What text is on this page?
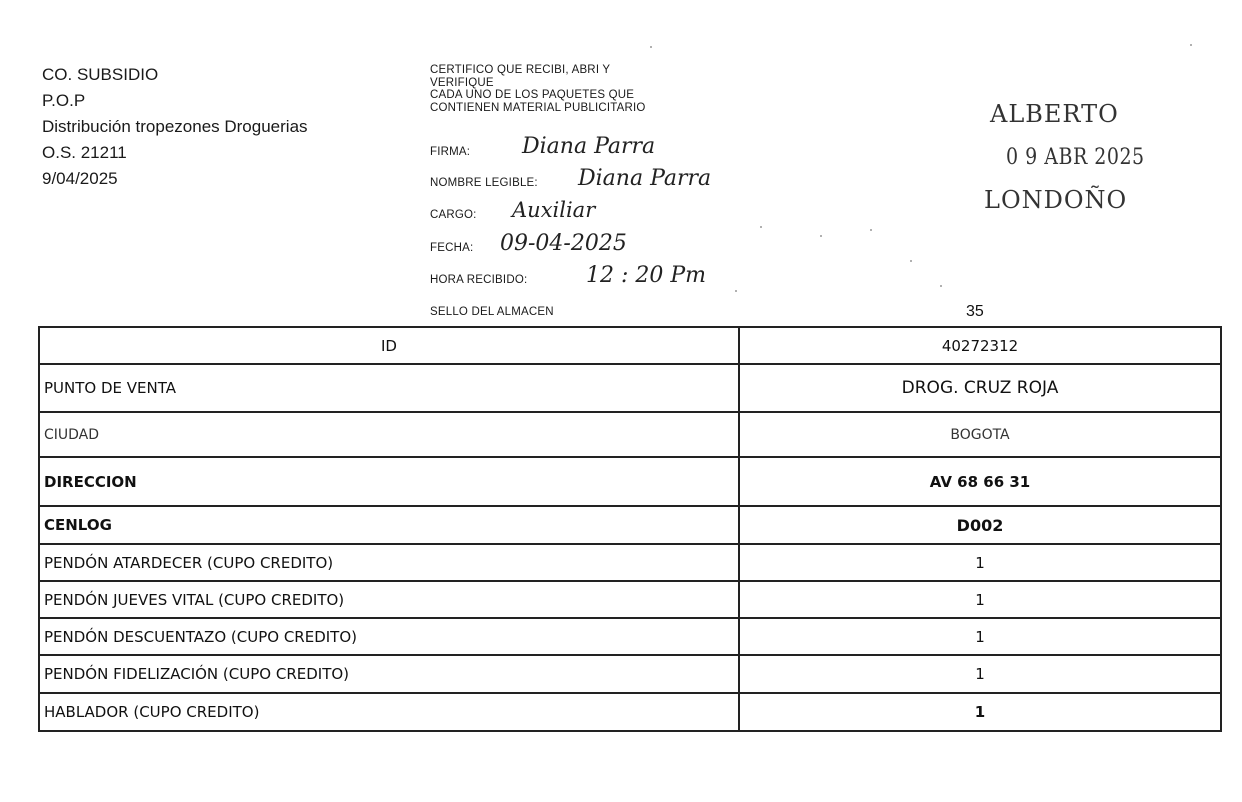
CO. SUBSIDIO
P.O.P
Distribución tropezones Droguerias
O.S. 21211
9/04/2025
CERTIFICO QUE RECIBI, ABRI Y
VERIFIQUE
CADA UNO DE LOS PAQUETES QUE
CONTIENEN MATERIAL PUBLICITARIO
FIRMA: Diana Parra
NOMBRE LEGIBLE: Diana Parra
CARGO: Auxiliar
FECHA: 09-04-2025
HORA RECIBIDO:	12 : 20 Pm
SELLO DEL ALMACEN
ALBERTO
0 9 ABR 2025
LONDOÑO
35
ID	40272312
PUNTO DE VENTA	DROG. CRUZ ROJA
CIUDAD	BOGOTA
DIRECCION	AV 68 66 31
CENLOG	D002
PENDÓN ATARDECER (CUPO CREDITO)	1
PENDÓN JUEVES VITAL (CUPO CREDITO)	1
PENDÓN DESCUENTAZO (CUPO CREDITO)	1
PENDÓN FIDELIZACIÓN (CUPO CREDITO)	1
HABLADOR (CUPO CREDITO)	1
